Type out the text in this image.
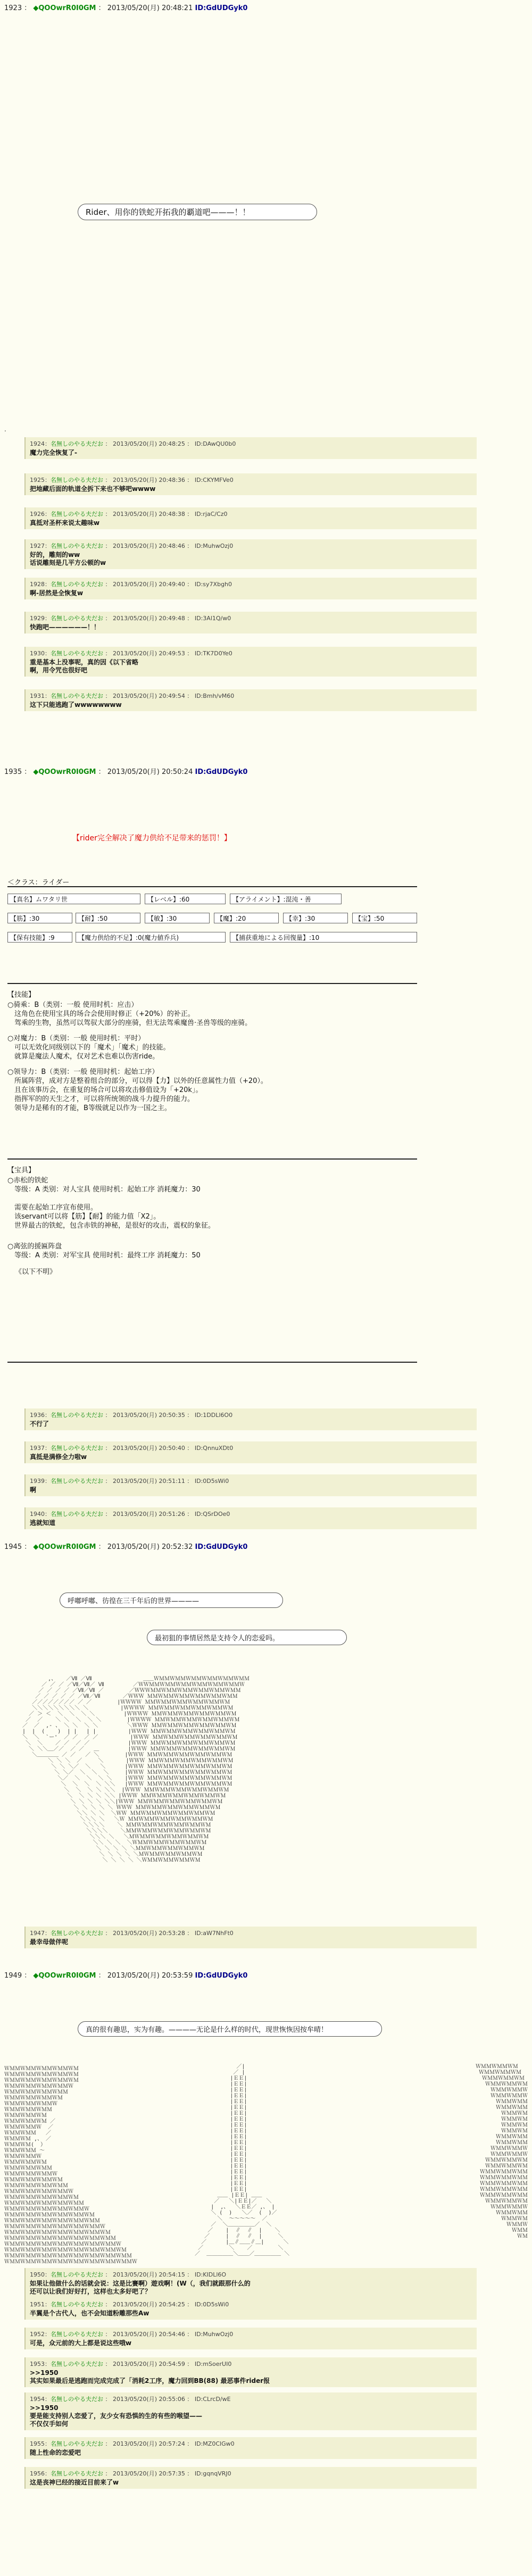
1923 ： ◆QOOwrR0I0GM ： 2013/05/20(月) 20:48:21 ID:GdUDGyk0
Rider、用你的铁蛇开拓我的覇道吧———！！
.
1924：名無しのやる夫だお ： 2013/05/20(月) 20:48:25 ： ID:DAwQU0b0
魔力完全恢复了-
1925：名無しのやる夫だお ： 2013/05/20(月) 20:48:36 ： ID:CKYMFVe0
把地藏后面的轨道全拆下来也不够吧wwww
1926：名無しのやる夫だお ： 2013/05/20(月) 20:48:38 ： ID:rjaC/Cz0
真抵对圣杯来说太趣味w
1927：名無しのやる夫だお ： 2013/05/20(月) 20:48:46 ： ID:MuhwOzj0
好的，雕刻的ww
话说雕刻是几平方公顿的w
1928：名無しのやる夫だお ： 2013/05/20(月) 20:49:40 ： ID:sy7Xbgh0
啊-居然是全恢复w
1929：名無しのやる夫だお ： 2013/05/20(月) 20:49:48 ： ID:3Al1Q/w0
快跑吧——————！！
1930：名無しのやる夫だお ： 2013/05/20(月) 20:49:53 ： ID:TK7D0Ye0
重是基本上没事呢，真的因《以下省略
啊，用令咒也很好吧
1931：名無しのやる夫だお ： 2013/05/20(月) 20:49:54 ： ID:Bmh/vM60
这下只能逃跑了wwwwwwww
1935 ： ◆QOOwrR0I0GM ： 2013/05/20(月) 20:50:24 ID:GdUDGyk0
【rider完全解决了魔力供给不足带来的惩罚！】
＜クラス：ライダー
【真名】ムワタリ世	【レベル】:60	【アライメント】:混沌・善
【筋】:30	【耐】:50	【敏】:30	【魔】:20	【幸】:30	【宝】:50
【保有技能】:9	【魔力供给的不足】:0(魔力値乔兵)	【捕获重地による回復量】:10
【技能】
○骑乘：B（类别：一般 使用时机：应击）
　这角色在使用宝具的场合会使用时修正（+20%）的补正。
　驾乘的生物，虽然可以驾驭大部分的座骑，但无法驾乘魔兽·圣兽等级的座骑。
○对魔力：B（类别：一般 使用时机：平时）
　可以无效化同级别以下的「魔术」「魔术」的技能。
　就算是魔法人魔术，仅对艺术也难以伤害ride。
○领导力：B（类别：一般 使用时机：起始工序）
　所属阵营，成对方是整着组合的部分，可以得【力】以外的任意属性力值（+20）。
　且在该事历会，在重复的场合可以将攻击修值设为「+20k」。
　指挥军的的天生之才，可以将所统领的战斗力提升的能力。
　领导力是稀有的才能，B等级就足以作为一国之主。
【宝具】
○赤松的铁蛇
　等级：A 类别：对人宝具 使用时机：起始工序 消耗魔力：30

　需要在起始工序宣布使用。
　该servant可以将【筋】【耐】的能力值「X2」。
　世界最古的铁蛇，包含赤铁的神秘，是很好的攻击，震权的象征。
○离弦的援匾阵盘
　等级：A 类别：对军宝具 使用时机：最终工序 消耗魔力：50
《以下不明》
1936：名無しのやる夫だお ： 2013/05/20(月) 20:50:35 ： ID:1DDLl6O0
不行了
1937：名無しのやる夫だお ： 2013/05/20(月) 20:50:40 ： ID:QnnuXDt0
真抵是满修全力啦w
1939：名無しのやる夫だお ： 2013/05/20(月) 20:51:11 ： ID:0D5sWi0
啊
1940：名無しのやる夫だお ： 2013/05/20(月) 20:51:26 ： ID:QSrDOe0
逃就知道
1945 ： ◆QOOwrR0I0GM ： 2013/05/20(月) 20:52:32 ID:GdUDGyk0
呼嘟呼嘟、彷徨在三千年后的世界————
最初狙的事情居然是支持令人的恋爱吗。

,、   ／Ⅶ ／Ⅶ                ＿＿ＷＭＭＷＭＭＷＭＭＷＭＭＷＭＭＷＭＭ
／ ／ ／ ／Ⅶ／Ⅶ／ Ⅶ         ／ＷＷＭＭＷＭＭＷＭＭＷＭＭＷＭＭＷＭＭＷ
／ ／ ／ ／ ／Ⅶ／Ⅶ ／        ／ＷＷＷＭＭＷＭＭＷＭＭＷＭＭＷＭＭＷＭＭ
／ ／ ／ ／ ／ ／Ⅶ／Ⅶ       ／ＷＷＷ ＭＭＷＭＭＷＭＭＷＭＭＷＭＭＷＭＭ
／／／／／／／／ ／ ／        |ＷＷＷＷ ＭＭＷＭＭＷＭＭＷＭＭＷＭＭＷＭ
＼＼＼＼＼＼＼＼＼ ＼          |ＷＷＷＷ ＭＭＷＭＭＷＭＭＷＭＭＷＭＭＷＭ
／ ＞ ＜  ＼  ＼  ＼ ＼         |ＷＷＷＷ ＭＭＷＭＭＷＭＭＷＭＭＷＭＭＷＭ
／  ／    ＼ ＼  ＼  ＼ ＼        |ＷＷＷＷ ＭＭＷＭＭＷＭＭＷＭＭＷＭＭＷＭ
／  ／  ,- 、 ＼ ＼  ＼ ＼         ＼ＷＷＷ ＭＭＷＭＭＷＭＭＷＭＭＷＭＭＷＭ
|  |  (    )  | |   | |          |ＷＷＷ ＭＭＷＭＭＷＭＭＷＭＭＷＭＭＷＭ
＼  ＼  `ー'  ／ ／  ／ ／          |ＷＷＷ ＭＭＷＭＭＷＭＭＷＭＭＷＭＭＷＭ
＼  ＼    ／ ／  ／ ／            |ＷＷＷ ＭＭＷＭＭＷＭＭＷＭＭＷＭＭＷＭ
＼ ＼＼＿／／  ／ ／   ＿         |ＷＷＷ ＭＭＷＭＭＷＭＭＷＭＭＷＭＭＷＭ
＼＿＿＿＿ ／ ／   ／ ＼        |ＷＷＷ ＭＭＷＭＭＷＭＭＷＭＭＷＭＭＷＭ
＼ ＼ ＼  ／     ＼       |ＷＷＷ ＭＭＷＭＭＷＭＭＷＭＭＷＭＭＷＭ
＼ ＼ ＼／  ＼   ＼      |ＷＷＷ ＭＭＷＭＭＷＭＭＷＭＭＷＭＭＷＭ
＼ ＼／  ＼  ＼  ＼     |ＷＷＷ ＭＭＷＭＭＷＭＭＷＭＭＷＭＭＷＭ
＼／  ＼  ＼  ＼ ＼    |ＷＷＷ ＭＭＷＭＭＷＭＭＷＭＭＷＭＭＷＭ
＼  ＼  ＼  ＼ ＼＼   |ＷＷＷ ＭＭＷＭＭＷＭＭＷＭＭＷＭＭＷＭ
＼  ＼  ＼ ＼ ＼＼  |ＷＷＷ ＭＭＷＭＭＷＭＭＷＭＭＷＭＭＷＭ
＼  ＼ ＼ ＼ ＼＼ |ＷＷＷ ＭＭＷＭＭＷＭＭＷＭＭＷＭＭＷＭ
＼ ＼ ＼ ＼ ＼＼|ＷＷＷ ＭＭＷＭＭＷＭＭＷＭＭＷＭＭＷＭ
＼ ＼ ＼ ＼ ＼ ＷＷＷ ＭＭＷＭＭＷＭＭＷＭＭＷＭＭＷＭ
＼＼ ＼ ＼  ＼ＷＷ ＭＭＷＭＭＷＭＭＷＭＭＷＭＭＷＭ
＼＼＼ ＼   ＼Ｗ ＭＭＷＭＭＷＭＭＷＭＭＷＭＭＷＭ
＼＼＼＼    ＼ ＭＭＷＭＭＷＭＭＷＭＭＷＭＭＷＭ
＼＼＼＼    ＼ＭＭＷＭＭＷＭＭＷＭＭＷＭＭＷＭ
＼＼＼ ＼   ＼ＭＷＭＭＷＭＭＷＭＭＷＭＭＷＭ
＼＼ ＼ ＼  ＼ＷＭＭＷＭＭＷＭＭＷＭＭＷＭ
＼ ＼ ＼ ＼ ＼ＭＭＷＭＭＷＭＭＷＭＭＷＭ
＼ ＼ ＼ ＼ ＼ＭＷＭＭＷＭＭＷＭＭＷＭ
＼ ＼ ＼ ＼ ＼ＷＭＭＷＭＭＷＭＭＷＭ

1947：名無しのやる夫だお ： 2013/05/20(月) 20:53:28 ： ID:aW7NhFt0
最幸母做伴呢
1949 ： ◆QOOwrR0I0GM ： 2013/05/20(月) 20:53:59 ID:GdUDGyk0
真的很有趣思，实为有趣。————无论是什么样的时代，现世恢恢因按牟晴！
ＷＭＭＷＭＭＷＭＭＷＭＭＷＭ
ＷＭＭＷＭＭＷＭＭＷＭＭＷＭ
ＷＭＭＷＭＭＷＭＭＷＭＭＷＭ
ＷＭＭＷＭＭＷＭＭＷＭＭＷ
ＷＭＭＷＭＭＷＭＭＷＭＭ
ＷＭＭＷＭＭＷＭＭＷＭ
ＷＭＭＷＭＭＷＭＭＷ
ＷＭＭＷＭＭＷＭＭ
ＷＭＭＷＭＭＷＭ
ＷＭＭＷＭＭＷＭ ／
ＷＭＭＷＭＭＷ  ／
ＷＭＭＷＭＭ   ／
ＷＭＭＷＭ ,、 ／
ＷＭＭＷＭ(  ）
ＷＭＭＷＭＭ ～
ＷＭＭＷＭＭＷ
ＷＭＭＷＭＭＷＭ
ＷＭＭＷＭＭＷＭＭ
ＷＭＭＷＭＭＷＭＭＷ
ＷＭＭＷＭＭＷＭＭＷＭ
ＷＭＭＷＭＭＷＭＭＷＭＭ
ＷＭＭＷＭＭＷＭＭＷＭＭＷ
ＷＭＭＷＭＭＷＭＭＷＭＭＷＭ
ＷＭＭＷＭＭＷＭＭＷＭＭＷＭＭ
ＷＭＭＷＭＭＷＭＭＷＭＭＷＭＭＷ
ＷＭＭＷＭＭＷＭＭＷＭＭＷＭＭＷＭ
ＷＭＭＷＭＭＷＭＭＷＭＭＷＭＭＷＭＭ
ＷＭＭＷＭＭＷＭＭＷＭＭＷＭＭＷＭＭＷ
ＷＭＭＷＭＭＷＭＭＷＭＭＷＭＭＷＭＭＷＭ
ＷＭＭＷＭＭＷＭＭＷＭＭＷＭＭＷＭＭＷＭＭ
ＷＭＭＷＭＭＷＭＭＷＭＭＷＭＭＷＭＭＷＭＭＷ
ＷＭＭＷＭＭＷＭＭＷＭＭＷＭＭＷＭＭＷＭＭＷＭ
ＷＭＭＷＭＭＷＭＭＷＭＭＷＭＭＷＭＭＷＭＭＷＭＭ
ＷＭＭＷＭＭＷＭＭＷＭＭＷＭＭＷＭＭＷＭＭＷＭＭＷ
／|
／ |
|ＥＥ|
|ＥＥ|
|ＥＥ|
|ＥＥ|
|ＥＥ|
|ＥＥ|
|ＥＥ|
|ＥＥ|
|ＥＥ|
|ＥＥ|
|ＥＥ|
|ＥＥ|
|ＥＥ|
|ＥＥ|
|ＥＥ|
|ＥＥ|
|ＥＥ|
|ＥＥ|
|ＥＥ|
|ＥＥ|
＿＿ |ＥＥ| ＿＿
／   ＼|ＥＥ|／   ＼
|  ,、  ＼ＥＥ／ ,、 |
＼ (  )   ＼／  (  )／
＼  ～～～～～  ／
／  ＼＿＿＿＿＿／  ＼
／    |  ∥  ∥  |    ＼
／     |  ∥  ∥  |     ＼
／      |＿∥＿＿∥＿|      ＼
／        ＼    ／        ＼
／  ＿＿＿＿＿＼＿＿／＿＿＿＿＿ ＼
ＷＭＭＷＭＭＷＭ
ＷＭＭＷＭＭＷＭ
ＷＭＭＷＭＭＷＭ
ＷＭＭＷＭＭＷＭ
ＷＭＭＷＭＭＷ
ＷＭＭＷＭＭＷ
ＷＭＭＷＭＭ
ＷＭＭＷＭＭ
ＷＭＭＷＭ
ＷＭＭＷＭ
ＷＭＭＷＭ
ＷＭＭＷＭ
ＷＭＭＷＭＭ
ＷＭＭＷＭＭ
ＷＭＭＷＭＭＷ
ＷＭＭＷＭＭＷ
ＷＭＭＷＭＭＷＭ
ＷＭＭＷＭＭＷＭ
ＷＭＭＷＭＭＷＭＭ
ＷＭＭＷＭＭＷＭＭ
ＷＭＭＷＭＭＷＭＭ
ＷＭＭＷＭＭＷＭＭ
ＷＭＭＷＭＭＷＭＭ
ＷＭＭＷＭＭＷＭ
ＷＭＭＷＭＭＷ
ＷＭＭＷＭＭ
ＷＭＭＷＭ
ＷＭＭＷ
ＷＭＭ
ＷＭ
1950：名無しのやる夫だお ： 2013/05/20(月) 20:54:15 ： ID:KIDLl6O
如果让他做什么的话就会说：这是比賽啊）遊戏啊！(W（，我们就跟那什么的
还可以让我们好好打，这样也太多好吧了？
1951：名無しのやる夫だお ： 2013/05/20(月) 20:54:25 ： ID:0D5sWi0
半翼是个古代人，也不会知道粉雕那些Aw
1952：名無しのやる夫だお ： 2013/05/20(月) 20:54:46 ： ID:MuhwOzj0
可是，众元前的大上都是说这些哦w
1953：名無しのやる夫だお ： 2013/05/20(月) 20:54:59 ： ID:mSoerUI0
>>1950
其实如果最后是逃跑而完成完成了「消耗2工序，魔力回到BB(88) 最恶事件rider报
1954：名無しのやる夫だお ： 2013/05/20(月) 20:55:06 ： ID:CLrcD/wE
>>1950
要是能支持别人恋爱了，友少女有恐惧的生的有些的喉望——
不仅仅手如何
1955：名無しのやる夫だお ： 2013/05/20(月) 20:57:24 ： ID:MZ0ClGw0
随上性命的恋爱吧
1956：名無しのやる夫だお ： 2013/05/20(月) 20:57:35 ： ID:gqnqVRJ0
这是丧神已经的接近目前来了w
